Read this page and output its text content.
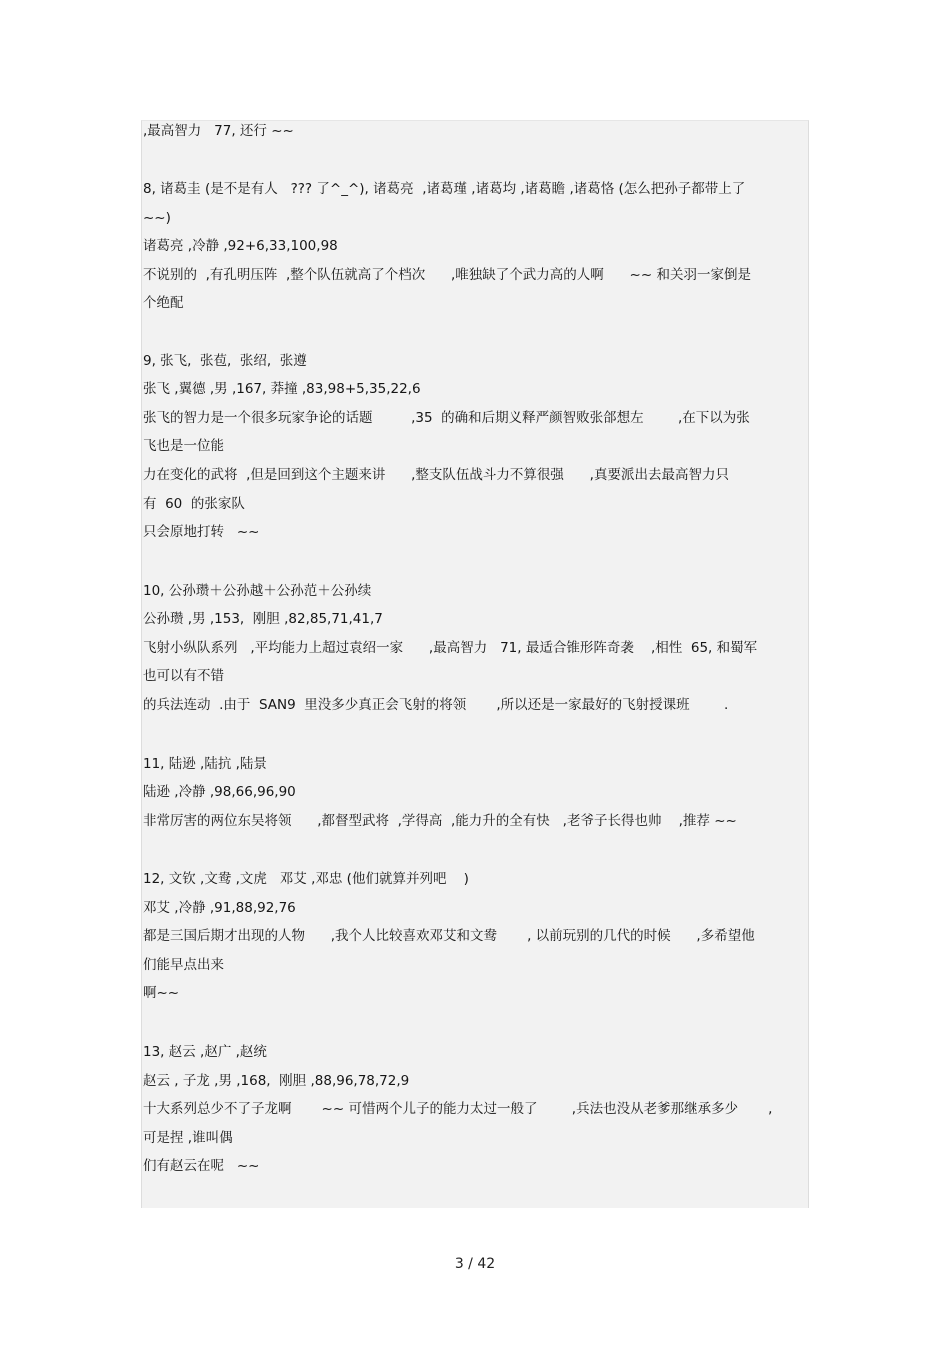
,最高智力   77, 还行 ~~
8, 诸葛圭 (是不是有人   ??? 了^_^), 诸葛亮  ,诸葛瑾 ,诸葛均 ,诸葛瞻 ,诸葛恪 (怎么把孙子都带上了
~~)
诸葛亮 ,冷静 ,92+6,33,100,98
不说别的  ,有孔明压阵  ,整个队伍就高了个档次      ,唯独缺了个武力高的人啊      ~~ 和关羽一家倒是
个绝配
9, 张飞,  张苞,  张绍,  张遵
张飞 ,翼德 ,男 ,167, 莽撞 ,83,98+5,35,22,6
张飞的智力是一个很多玩家争论的话题         ,35  的确和后期义释严颜智败张郃想左        ,在下以为张
飞也是一位能
力在变化的武将  ,但是回到这个主题来讲      ,整支队伍战斗力不算很强      ,真要派出去最高智力只
有  60  的张家队
只会原地打转   ~~
10, 公孙瓒＋公孙越＋公孙范＋公孙续
公孙瓒 ,男 ,153,  刚胆 ,82,85,71,41,7
飞射小纵队系列   ,平均能力上超过袁绍一家      ,最高智力   71, 最适合锥形阵奇袭    ,相性  65, 和蜀军
也可以有不错
的兵法连动  .由于  SAN9  里没多少真正会飞射的将领       ,所以还是一家最好的飞射授课班        .
11, 陆逊 ,陆抗 ,陆景
陆逊 ,冷静 ,98,66,96,90
非常厉害的两位东吴将领      ,都督型武将  ,学得高  ,能力升的全有快   ,老爷子长得也帅    ,推荐 ~~
12, 文钦 ,文鸯 ,文虎   邓艾 ,邓忠 (他们就算并列吧    )
邓艾 ,冷静 ,91,88,92,76
都是三国后期才出现的人物      ,我个人比较喜欢邓艾和文鸯       , 以前玩别的几代的时候      ,多希望他
们能早点出来
啊~~
13, 赵云 ,赵广 ,赵统
赵云 , 子龙 ,男 ,168,  刚胆 ,88,96,78,72,9
十大系列总少不了子龙啊       ~~ 可惜两个儿子的能力太过一般了        ,兵法也没从老爹那继承多少       ,
可是捏 ,谁叫偶
们有赵云在呢   ~~
3 / 42
